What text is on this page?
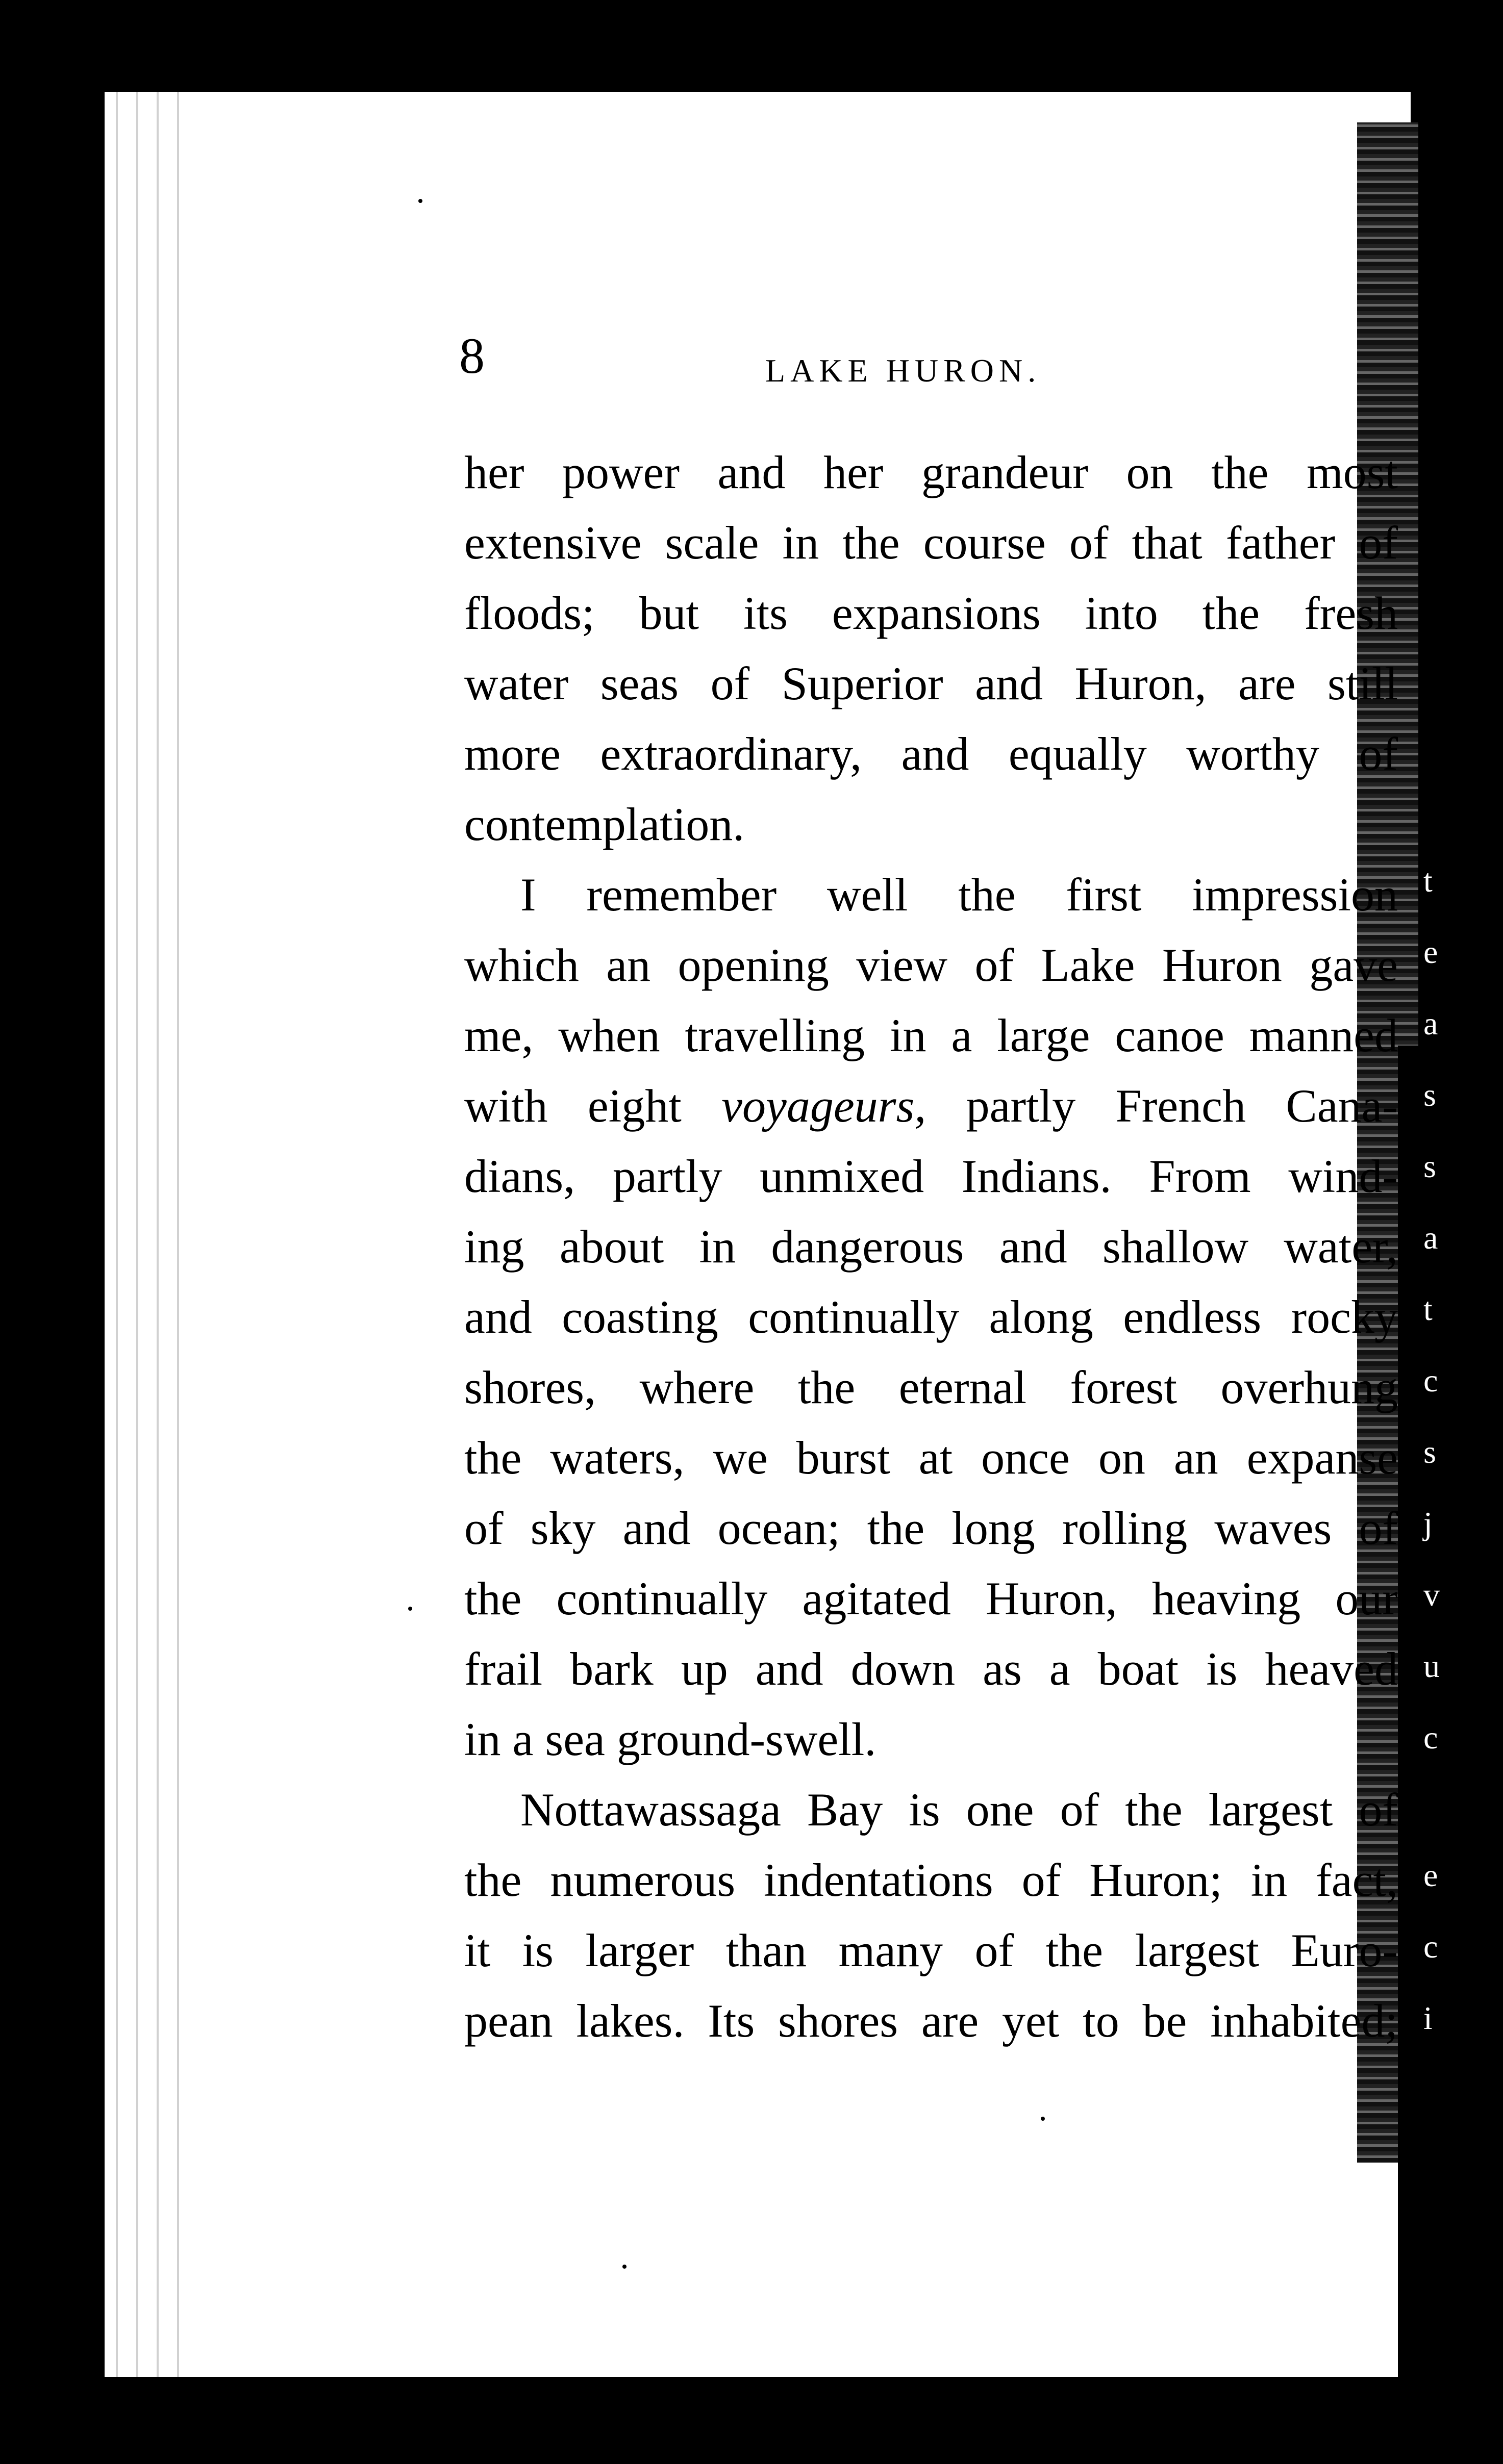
8	LAKE HURON.
her power and her grandeur on the most
extensive scale in the course of that father of
floods; but its expansions into the fresh
water seas of Superior and Huron, are still
more extraordinary, and equally worthy of
contemplation.
I remember well the first impression
which an opening view of Lake Huron gave
me, when travelling in a large canoe manned
with eight voyageurs, partly French Cana-
dians, partly unmixed Indians. From wind-
ing about in dangerous and shallow water,
and coasting continually along endless rocky
shores, where the eternal forest overhung
the waters, we burst at once on an expanse
of sky and ocean; the long rolling waves of
the continually agitated Huron, heaving our
frail bark up and down as a boat is heaved
in a sea ground-swell.
Nottawassaga Bay is one of the largest of
the numerous indentations of Huron; in fact,
it is larger than many of the largest Euro-
pean lakes. Its shores are yet to be inhabited;
t
e
a
s
s
a
t
c
s
j
v
u
c
e
c
i
